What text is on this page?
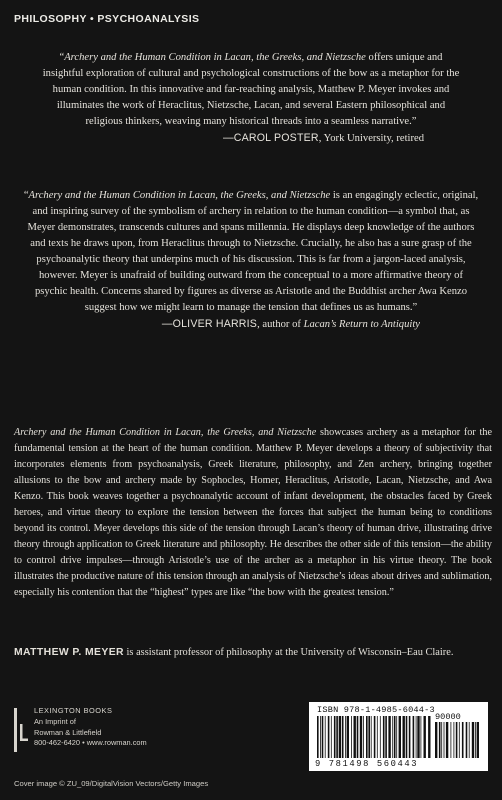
PHILOSOPHY • PSYCHOANALYSIS
“Archery and the Human Condition in Lacan, the Greeks, and Nietzsche offers unique and insightful exploration of cultural and psychological constructions of the bow as a metaphor for the human condition. In this innovative and far-reaching analysis, Matthew P. Meyer invokes and illuminates the work of Heraclitus, Nietzsche, Lacan, and several Eastern philosophical and religious thinkers, weaving many historical threads into a seamless narrative.”
—CAROL POSTER, York University, retired
“Archery and the Human Condition in Lacan, the Greeks, and Nietzsche is an engagingly eclectic, original, and inspiring survey of the symbolism of archery in relation to the human condition—a symbol that, as Meyer demonstrates, transcends cultures and spans millennia. He displays deep knowledge of the authors and texts he draws upon, from Heraclitus through to Nietzsche. Crucially, he also has a sure grasp of the psychoanalytic theory that underpins much of his discussion. This is far from a jargon-laced analysis, however. Meyer is unafraid of building outward from the conceptual to a more affirmative theory of psychic health. Concerns shared by figures as diverse as Aristotle and the Buddhist archer Awa Kenzo suggest how we might learn to manage the tension that defines us as humans.”
—OLIVER HARRIS, author of Lacan’s Return to Antiquity
Archery and the Human Condition in Lacan, the Greeks, and Nietzsche showcases archery as a metaphor for the fundamental tension at the heart of the human condition. Matthew P. Meyer develops a theory of subjectivity that incorporates elements from psychoanalysis, Greek literature, philosophy, and Zen archery, bringing together allusions to the bow and archery made by Sophocles, Homer, Heraclitus, Aristotle, Lacan, Nietzsche, and Awa Kenzo. This book weaves together a psychoanalytic account of infant development, the obstacles faced by Greek heroes, and virtue theory to explore the tension between the forces that subject the human being to conditions beyond its control. Meyer develops this side of the tension through Lacan’s theory of human drive, illustrating drive theory through application to Greek literature and philosophy. He describes the other side of this tension—the ability to control drive impulses—through Aristotle’s use of the archer as a metaphor in his virtue theory. The book illustrates the productive nature of this tension through an analysis of Nietzsche’s ideas about drives and sublimation, especially his contention that the “highest” types are like “the bow with the greatest tension.”
MATTHEW P. MEYER is assistant professor of philosophy at the University of Wisconsin–Eau Claire.
LEXINGTON BOOKS
An Imprint of
Rowman & Littlefield
800-462-6420 • www.rowman.com
ISBN 978-1-4985-6044-3
90000
9 781498 560443
Cover image © ZU_09/DigitalVision Vectors/Getty Images
